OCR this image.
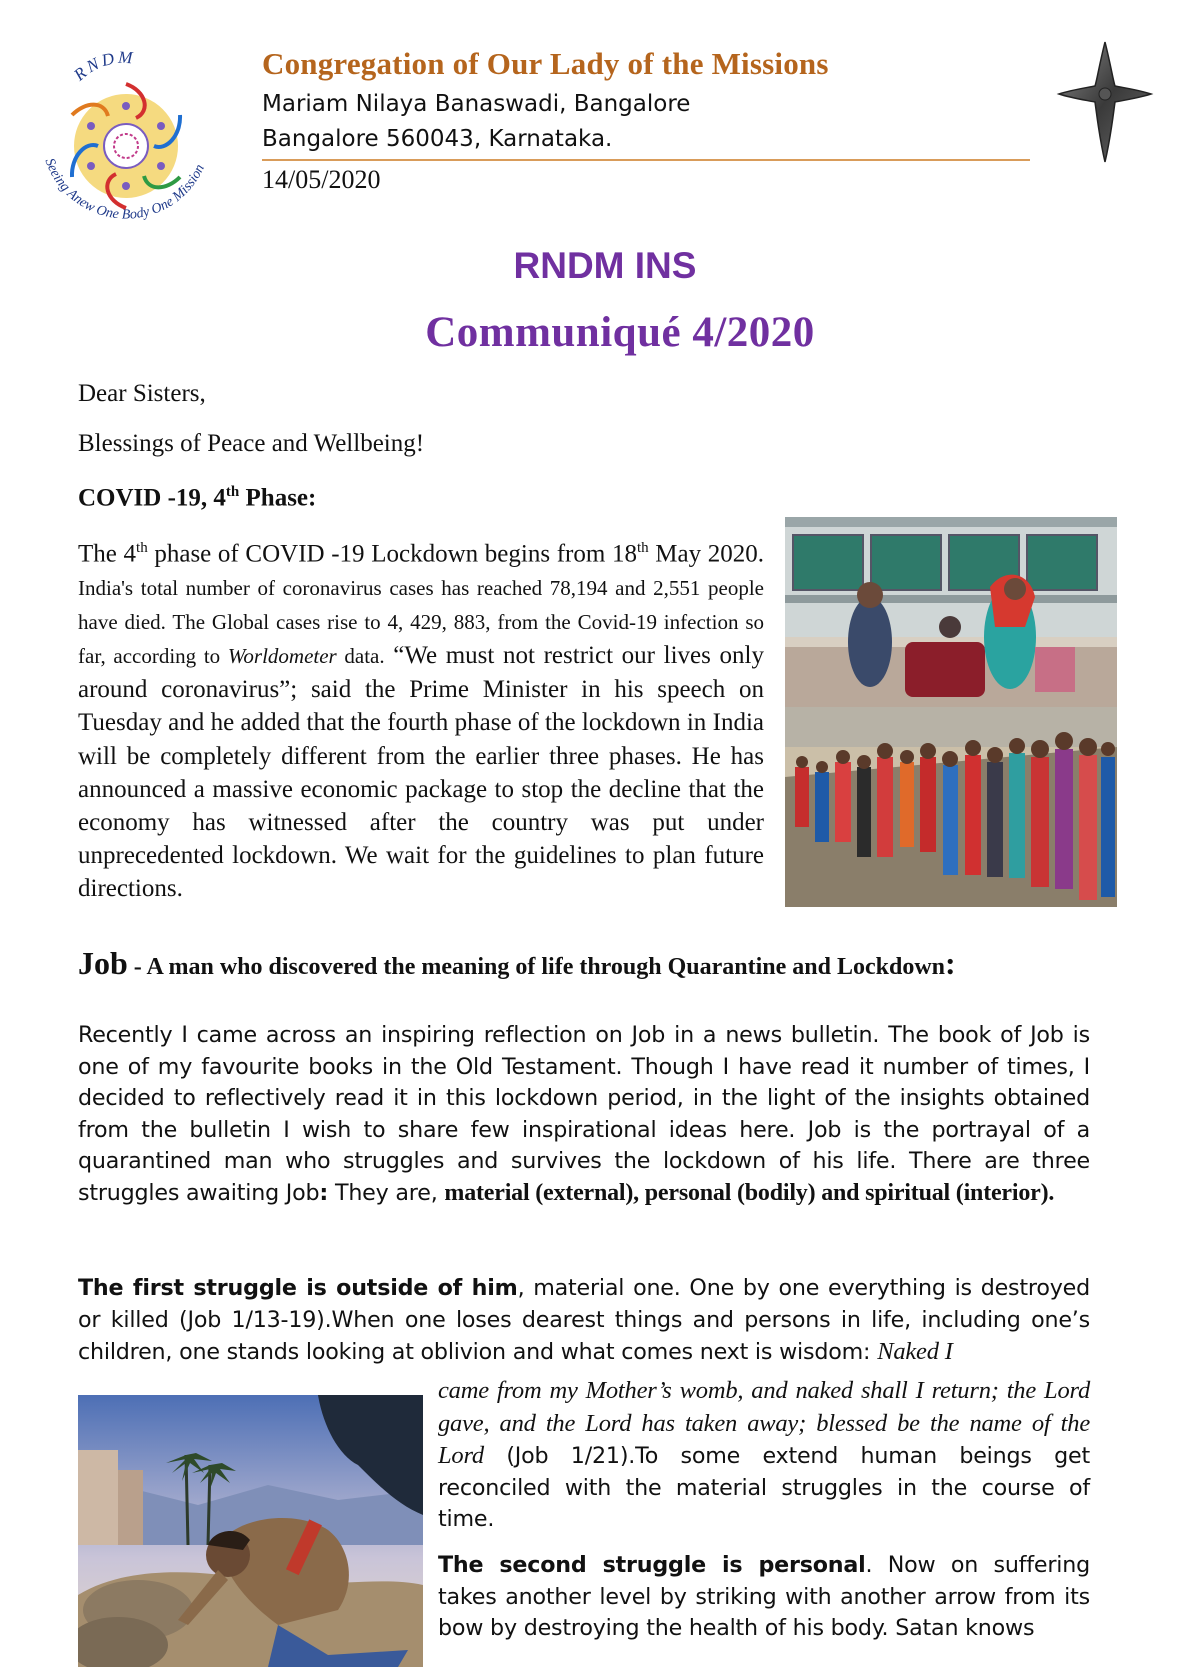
RNDM
Seeing Anew One Body One Mission
Congregation of Our Lady of the Missions
Mariam Nilaya Banaswadi, Bangalore
Bangalore 560043, Karnataka.
14/05/2020
RNDM INS
Communiqué 4/2020
Dear Sisters,
Blessings of Peace and Wellbeing!
COVID -19, 4th Phase:
The 4th phase of COVID -19 Lockdown begins from 18th May 2020. India's total number of coronavirus cases has reached 78,194 and 2,551 people have died. The Global cases rise to 4, 429, 883, from the Covid-19 infection so far, according to Worldometer data. “We must not restrict our lives only around coronavirus”; said the Prime Minister in his speech on Tuesday and he added that the fourth phase of the lockdown in India will be completely different from the earlier three phases. He has announced a massive economic package to stop the decline that the economy has witnessed after the country was put under unprecedented lockdown. We wait for the guidelines to plan future directions.
Job - A man who discovered the meaning of life through Quarantine and Lockdown:
Recently I came across an inspiring reflection on Job in a news bulletin. The book of Job is one of my favourite books in the Old Testament. Though I have read it number of times, I decided to reflectively read it in this lockdown period, in the light of the insights obtained from the bulletin I wish to share few inspirational ideas here. Job is the portrayal of a quarantined man who struggles and survives the lockdown of his life. There are three struggles awaiting Job: They are, material (external), personal (bodily) and spiritual (interior).
The first struggle is outside of him, material one. One by one everything is destroyed or killed (Job 1/13-19).When one loses dearest things and persons in life, including one’s children, one stands looking at oblivion and what comes next is wisdom: Naked I
came from my Mother’s womb, and naked shall I return; the Lord gave, and the Lord has taken away; blessed be the name of the Lord (Job 1/21).To some extend human beings get reconciled with the material struggles in the course of time.
The second struggle is personal. Now on suffering takes another level by striking with another arrow from its bow by destroying the health of his body. Satan knows
